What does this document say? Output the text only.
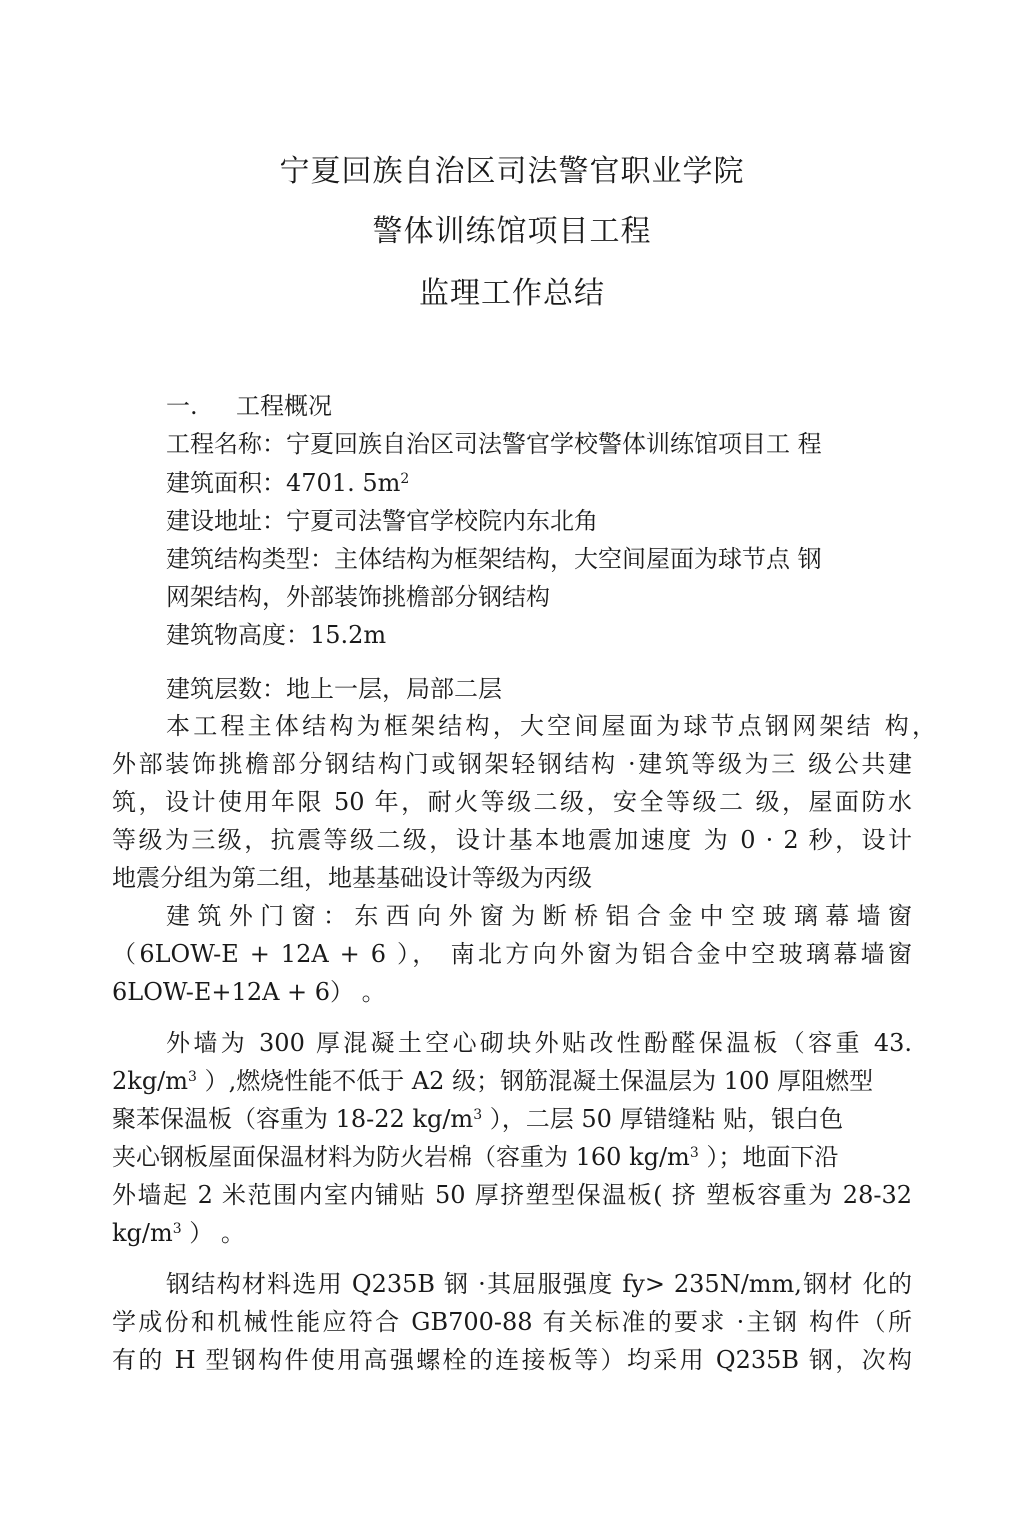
宁夏回族自治区司法警官职业学院
警体训练馆项目工程
监理工作总结
一. 工程概况
工程名称：宁夏回族自治区司法警官学校警体训练馆项目工 程
建筑面积：4701. $5m^2$
建设地址：宁夏司法警官学校院内东北角
建筑结构类型：主体结构为框架结构，大空间屋面为球节点 钢
网架结构，外部装饰挑檐部分钢结构
建筑物高度：15.2m
建筑层数：地上一层，局部二层
本工程主体结构为框架结构，大空间屋面为球节点钢网架结 构，
外部装饰挑檐部分钢结构门或钢架轻钢结构 ·建筑等级为三 级公共建
筑，设计使用年限 50 年，耐火等级二级，安全等级二 级，屋面防水
等级为三级，抗震等级二级，设计基本地震加速度 为 0 · 2 秒，设计
地震分组为第二组，地基基础设计等级为丙级
建筑外门窗：东西向外窗为断桥铝合金中空玻璃幕墙窗
（6LOW-E + 12A + 6 ）， 南北方向外窗为铝合金中空玻璃幕墙窗
6LOW-E+12A + 6） 。
外墙为 300 厚混凝土空心砌块外贴改性酚醛保温板（容重 43.
$2kg/m^3$ ）,燃烧性能不低于 A2 级；钢筋混凝土保温层为 100 厚阻燃型
聚苯保温板（容重为 18-22 $kg/m^3$ ），二层 50 厚错缝粘 贴，银白色
夹心钢板屋面保温材料为防火岩棉（容重为 160 $kg/m^3$ ）；地面下沿
外墙起 2 米范围内室内铺贴 50 厚挤塑型保温板( 挤 塑板容重为 28-32
$kg/m^3$ ） 。
钢结构材料选用 Q235B 钢 ·其屈服强度 fy> 235N/mm,钢材 化的
学成份和机械性能应符合 GB700-88 有关标准的要求 ·主钢 构件（所
有的 H 型钢构件使用高强螺栓的连接板等）均采用 Q235B 钢，次构
